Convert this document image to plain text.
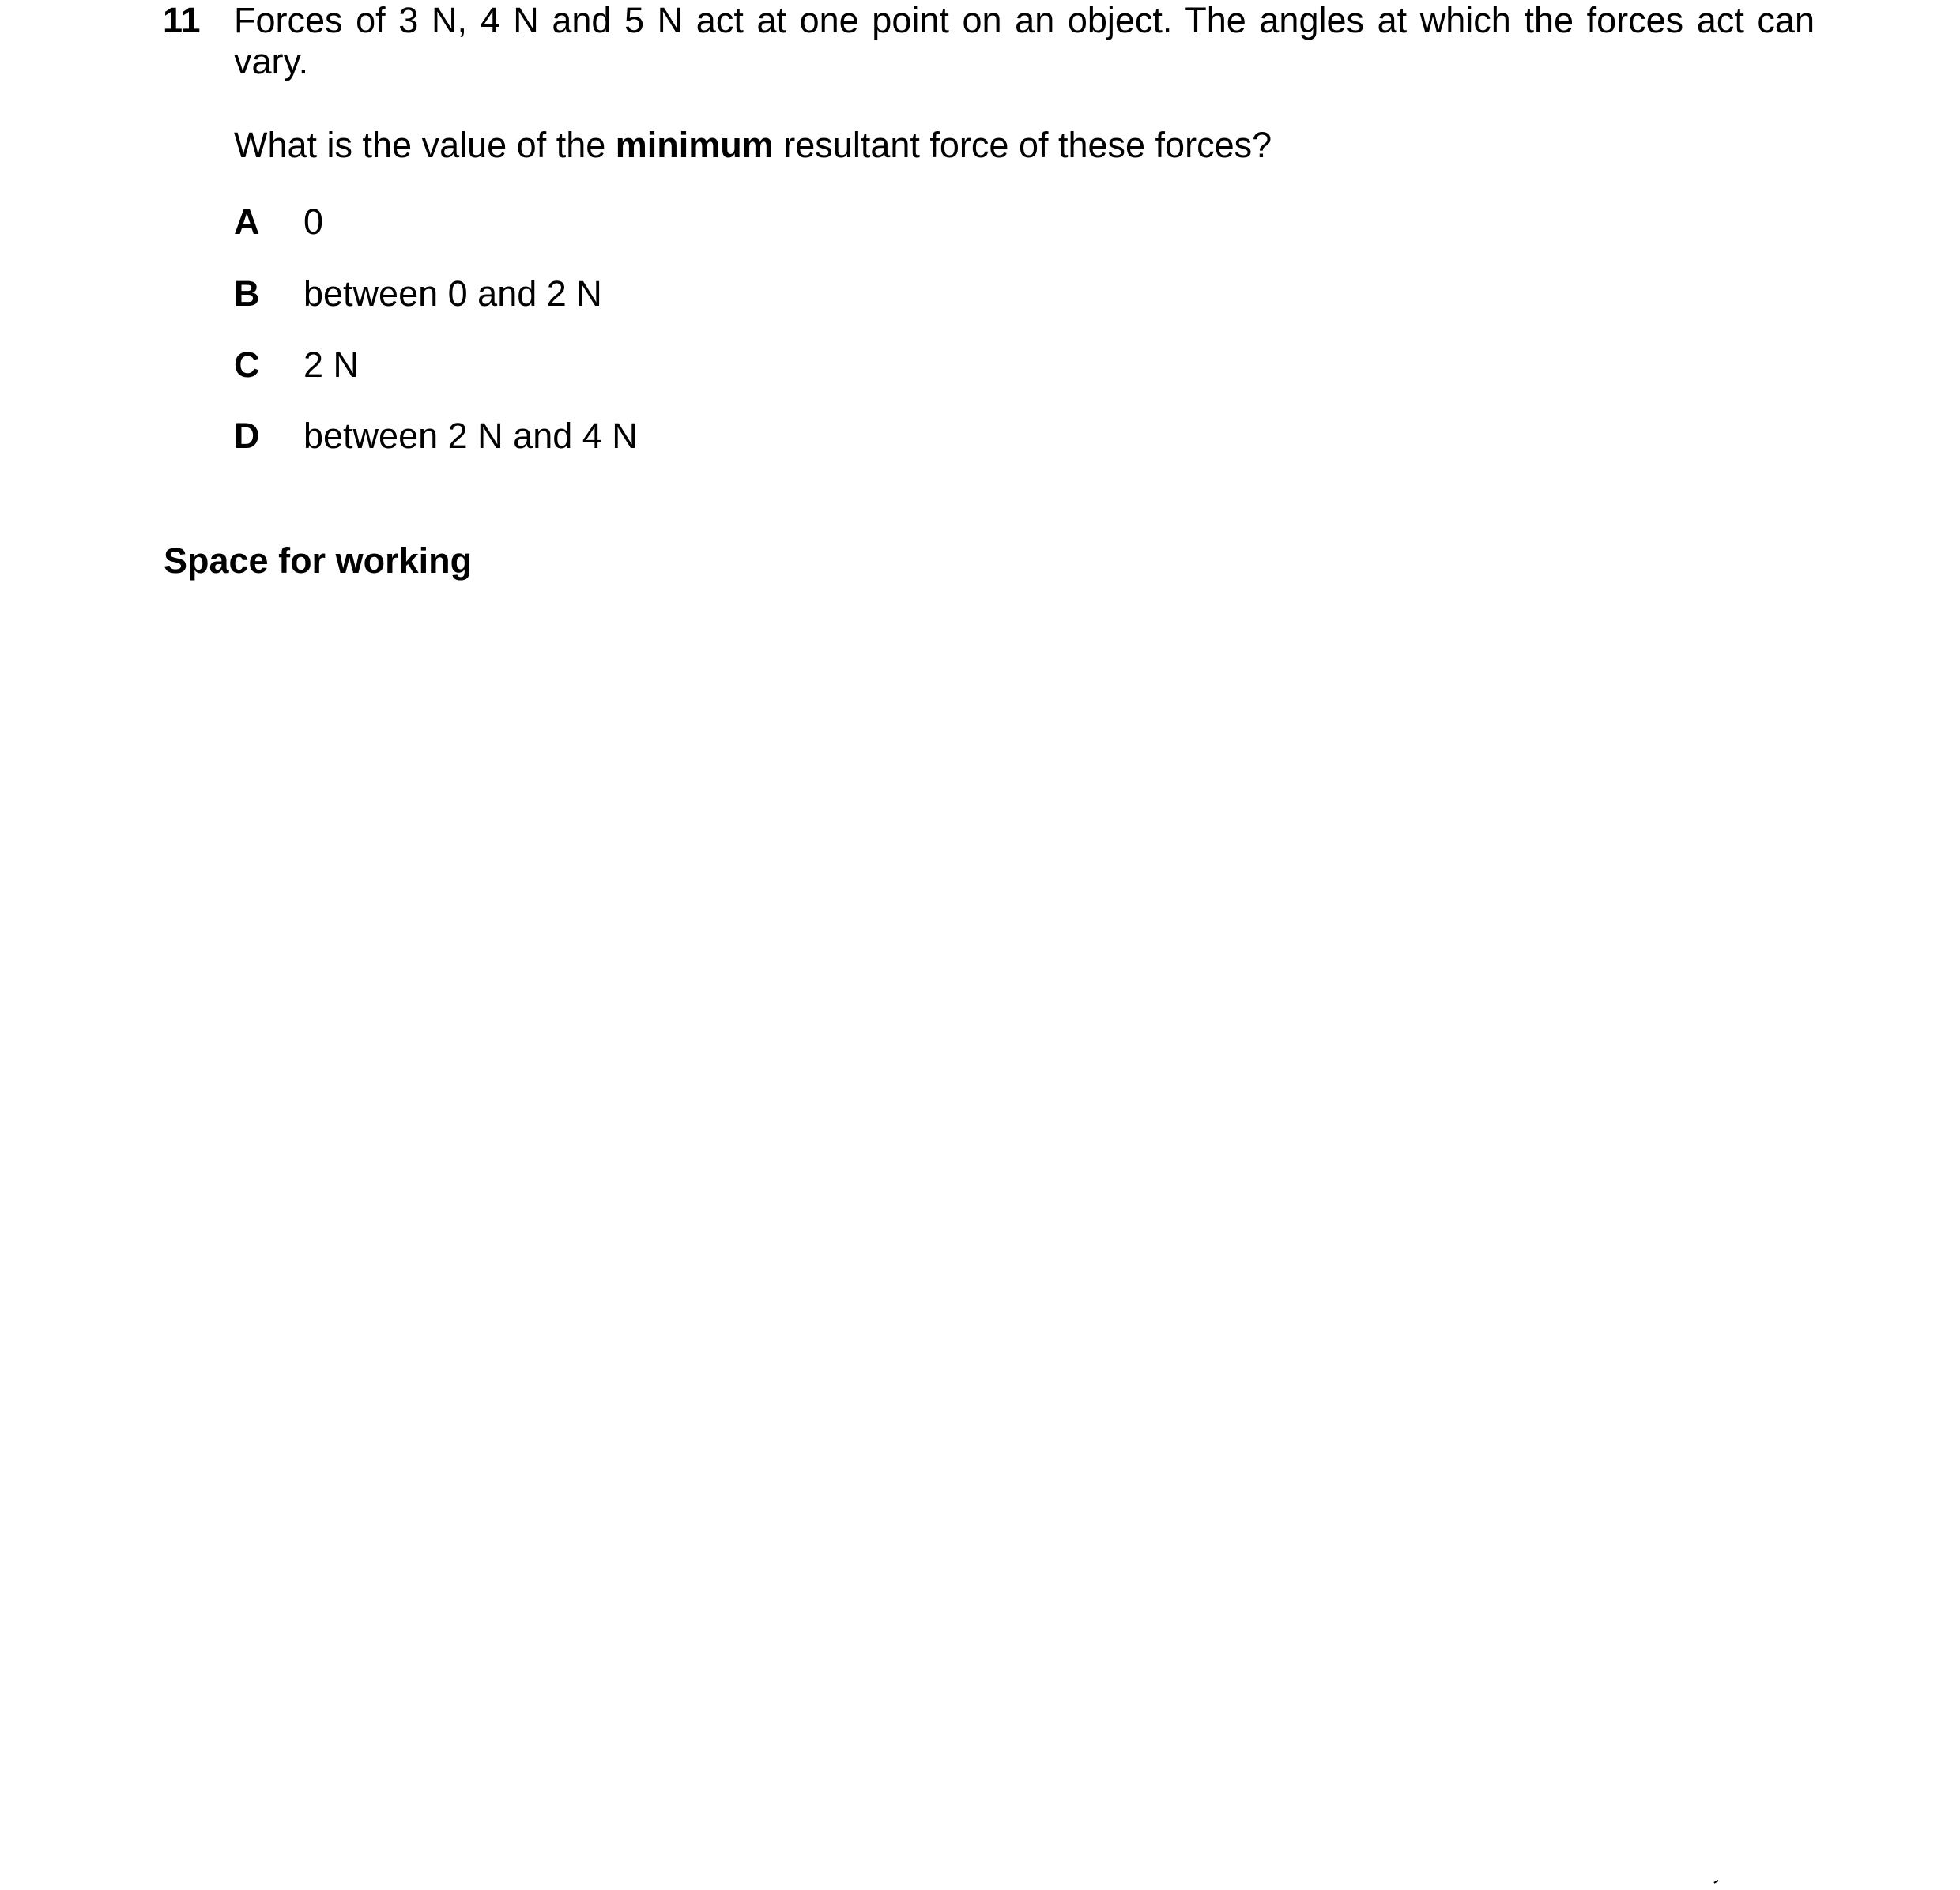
11 Forces of 3 N, 4 N and 5 N act at one point on an object. The angles at which the forces act can vary.
What is the value of the minimum resultant force of these forces?
A 0
B between 0 and 2 N
C 2 N
D between 2 N and 4 N
Space for working
